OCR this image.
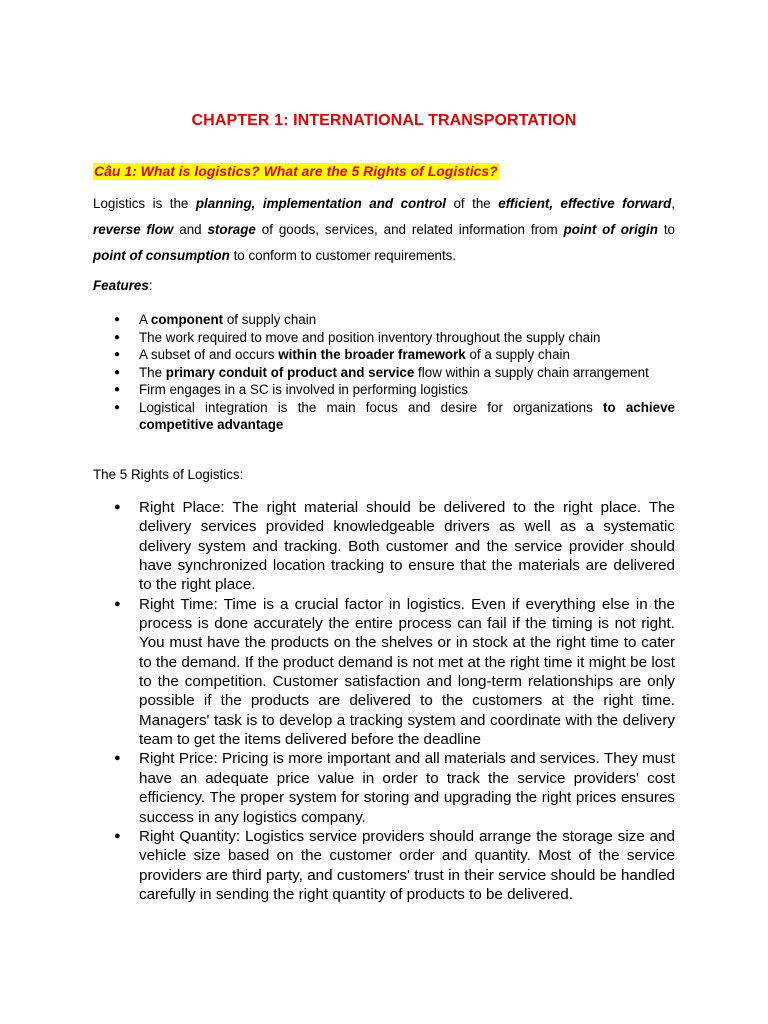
CHAPTER 1: INTERNATIONAL TRANSPORTATION
Câu 1: What is logistics? What are the 5 Rights of Logistics?
Logistics is the planning, implementation and control of the efficient, effective forward, reverse flow and storage of goods, services, and related information from point of origin to point of consumption to conform to customer requirements.
Features:
● A component of supply chain
● The work required to move and position inventory throughout the supply chain
● A subset of and occurs within the broader framework of a supply chain
● The primary conduit of product and service flow within a supply chain arrangement
● Firm engages in a SC is involved in performing logistics
● Logistical integration is the main focus and desire for organizations to achieve competitive advantage
The 5 Rights of Logistics:
● Right Place: The right material should be delivered to the right place. The delivery services provided knowledgeable drivers as well as a systematic delivery system and tracking. Both customer and the service provider should have synchronized location tracking to ensure that the materials are delivered to the right place.
● Right Time: Time is a crucial factor in logistics. Even if everything else in the process is done accurately the entire process can fail if the timing is not right. You must have the products on the shelves or in stock at the right time to cater to the demand. If the product demand is not met at the right time it might be lost to the competition. Customer satisfaction and long-term relationships are only possible if the products are delivered to the customers at the right time. Managers' task is to develop a tracking system and coordinate with the delivery team to get the items delivered before the deadline
● Right Price: Pricing is more important and all materials and services. They must have an adequate price value in order to track the service providers' cost efficiency. The proper system for storing and upgrading the right prices ensures success in any logistics company.
● Right Quantity: Logistics service providers should arrange the storage size and vehicle size based on the customer order and quantity. Most of the service providers are third party, and customers' trust in their service should be handled carefully in sending the right quantity of products to be delivered.
